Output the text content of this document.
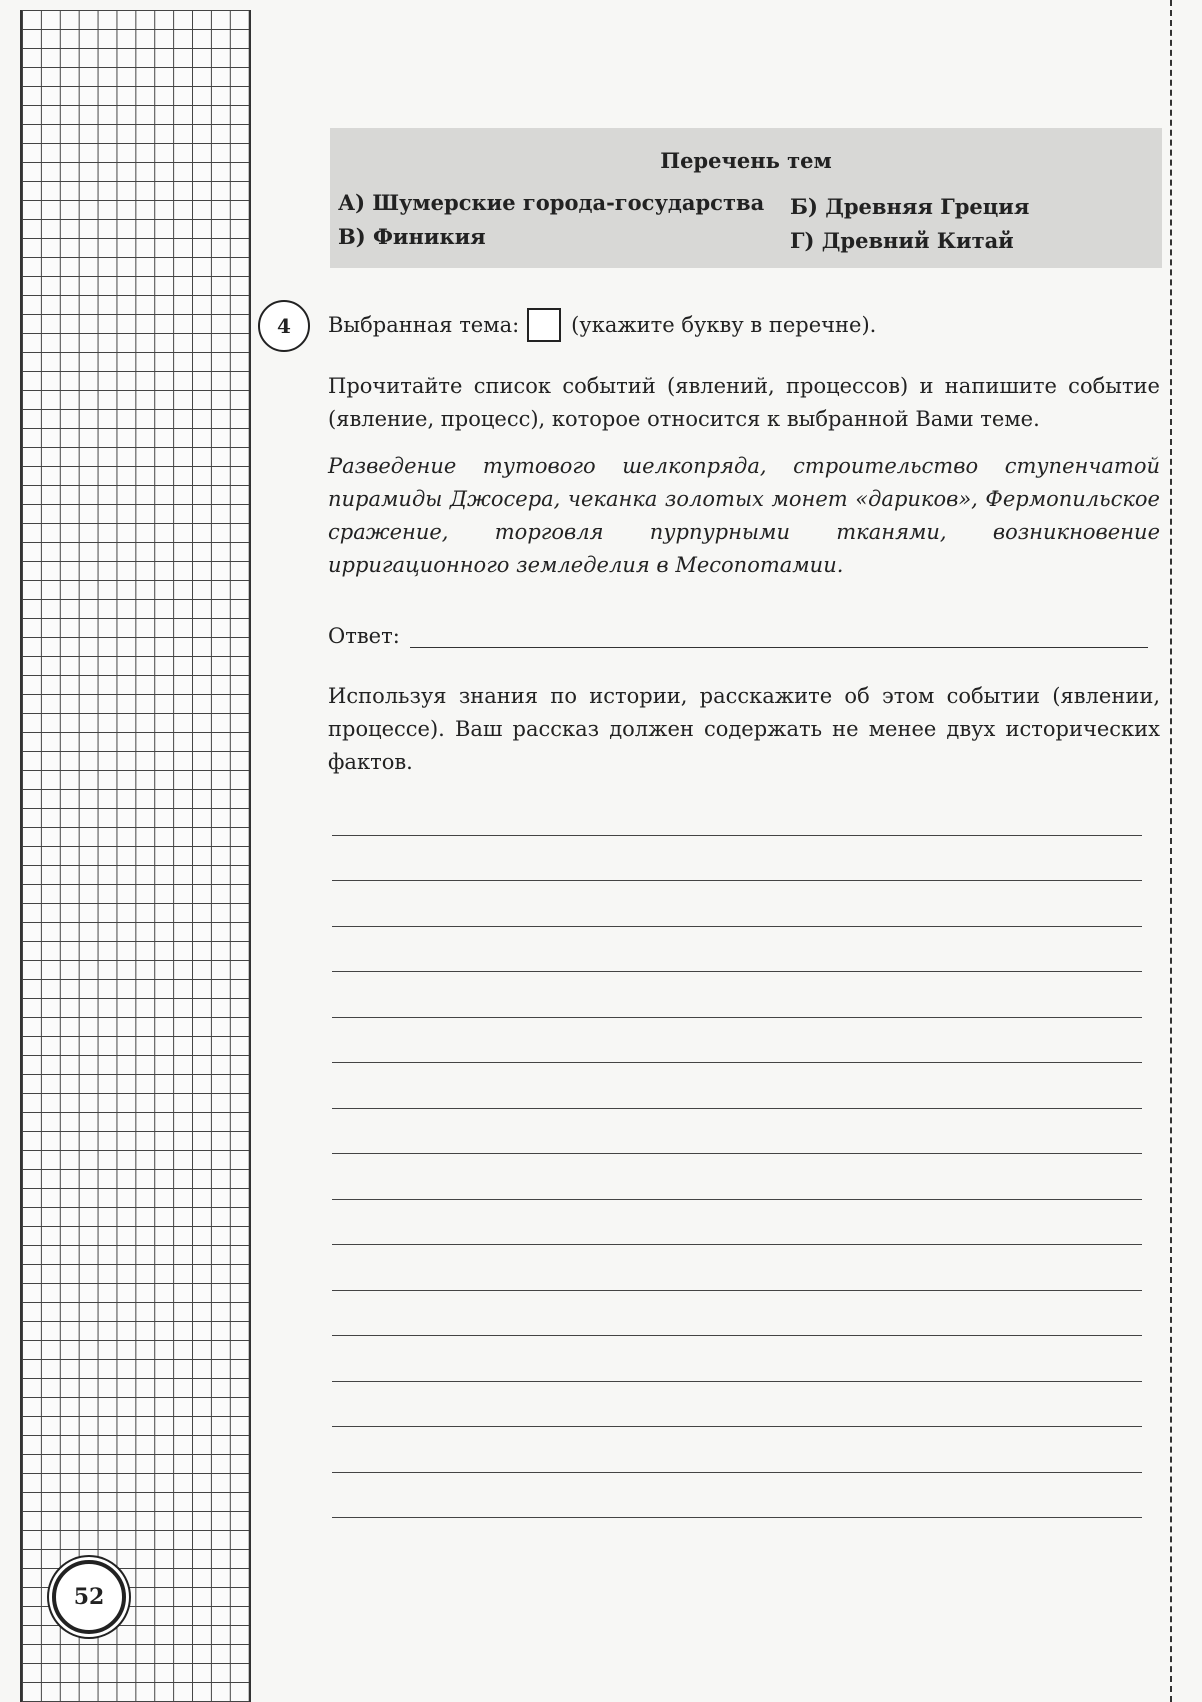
52
Перечень тем
А) Шумерские города-государства Б) Древняя Греция
В) Финикия	Г) Древний Китай
4	Выбранная тема: (укажите букву в перечне).
Прочитайте список событий (явлений, процессов) и напишите событие (явление, процесс), которое относится к выбранной Вами теме.
Разведение тутового шелкопряда, строительство ступенчатой пирамиды Джосера, чеканка золотых монет «дариков», Фермопильское сражение, торговля пурпурными тканями, возникновение ирригационного земледелия в Месопотамии.
Ответ:
Используя знания по истории, расскажите об этом событии (явлении, процессе). Ваш рассказ должен содержать не менее двух исторических фактов.
